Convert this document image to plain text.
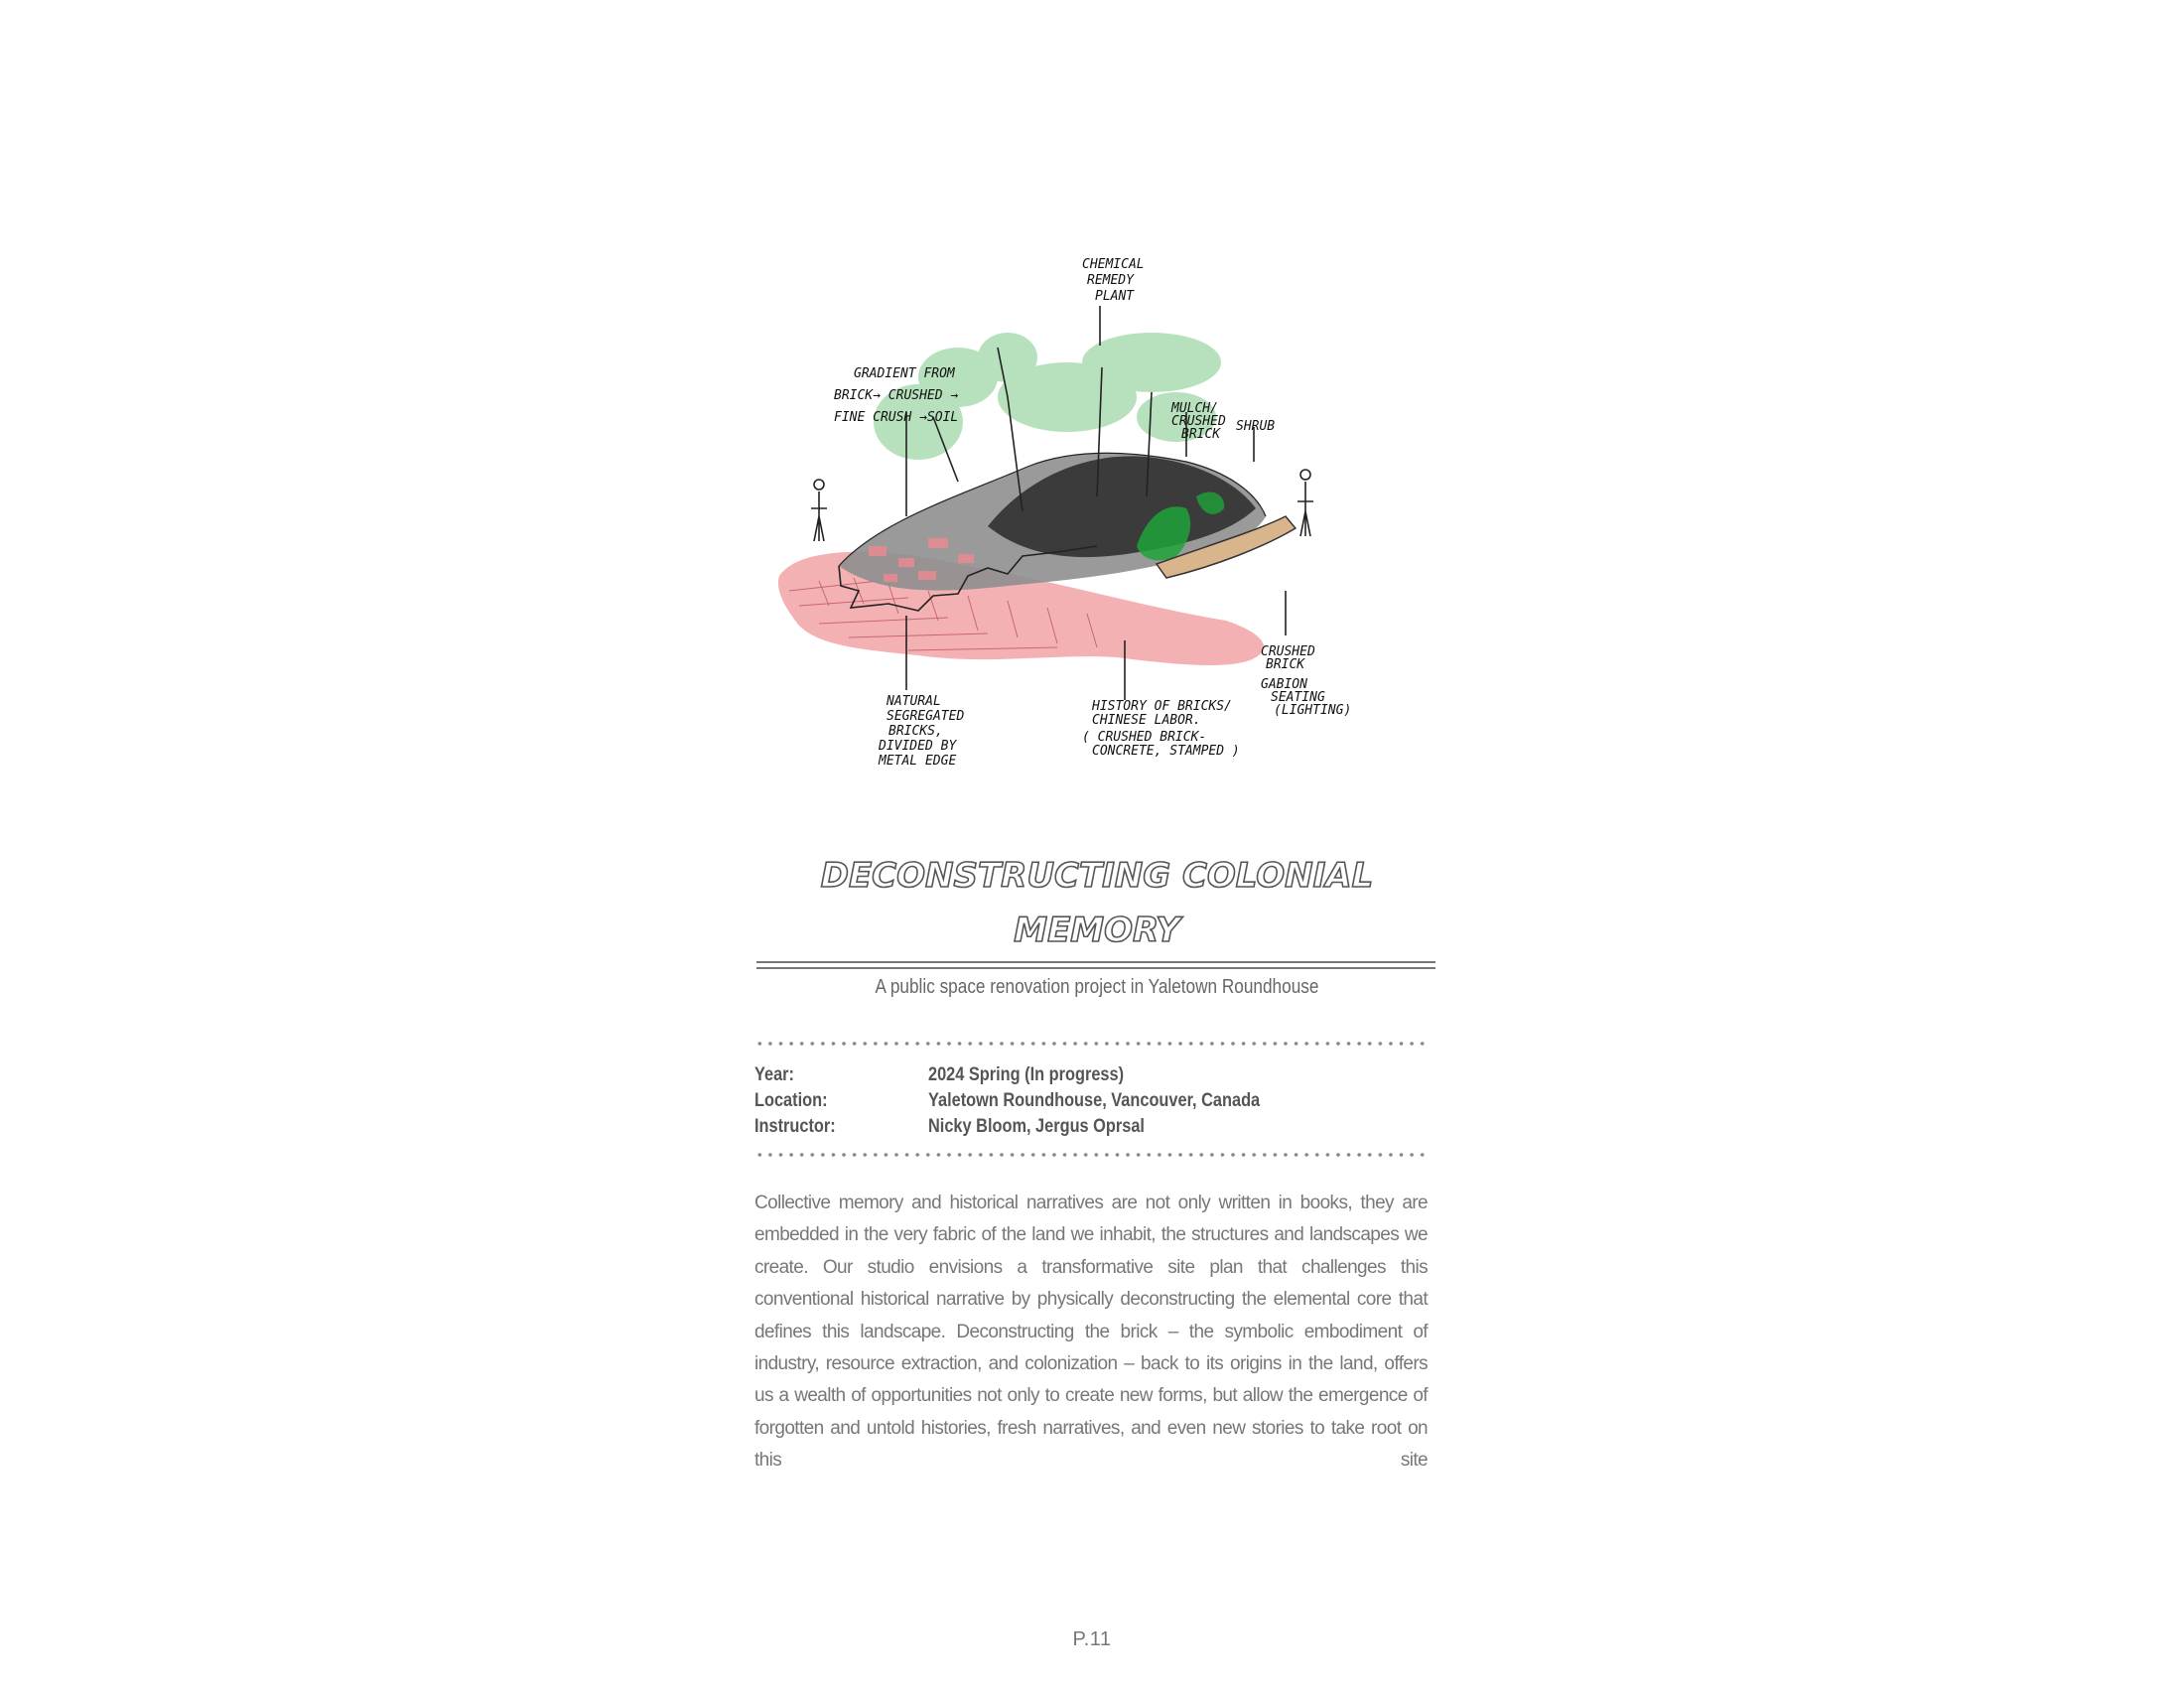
CHEMICAL
REMEDY
PLANT
GRADIENT FROM
BRICK→ CRUSHED →
FINE CRUSH →SOIL
MULCH/
CRUSHED
BRICK
SHRUB
CRUSHED
BRICK
GABION
SEATING
(LIGHTING)
NATURAL
SEGREGATED
BRICKS,
DIVIDED BY
METAL EDGE
HISTORY OF BRICKS/
CHINESE LABOR.
( CRUSHED BRICK-
CONCRETE, STAMPED )
DECONSTRUCTING COLONIAL
MEMORY
A public space renovation project in Yaletown Roundhouse
Year:	2024 Spring (In progress)
Location:	Yaletown Roundhouse, Vancouver, Canada
Instructor:	Nicky Bloom, Jergus Oprsal
Collective memory and historical narratives are not only written in books, they are embedded in the very fabric of the land we inhabit, the structures and landscapes we create. Our studio envisions a transformative site plan that challenges this conventional historical narrative by physically deconstructing the elemental core that defines this landscape. Deconstructing the brick – the symbolic embodiment of industry, resource extraction, and colonization – back to its origins in the land, offers us a wealth of opportunities not only to create new forms, but allow the emergence of forgotten and untold histories, fresh narratives, and even new stories to take root on this site
P.11
